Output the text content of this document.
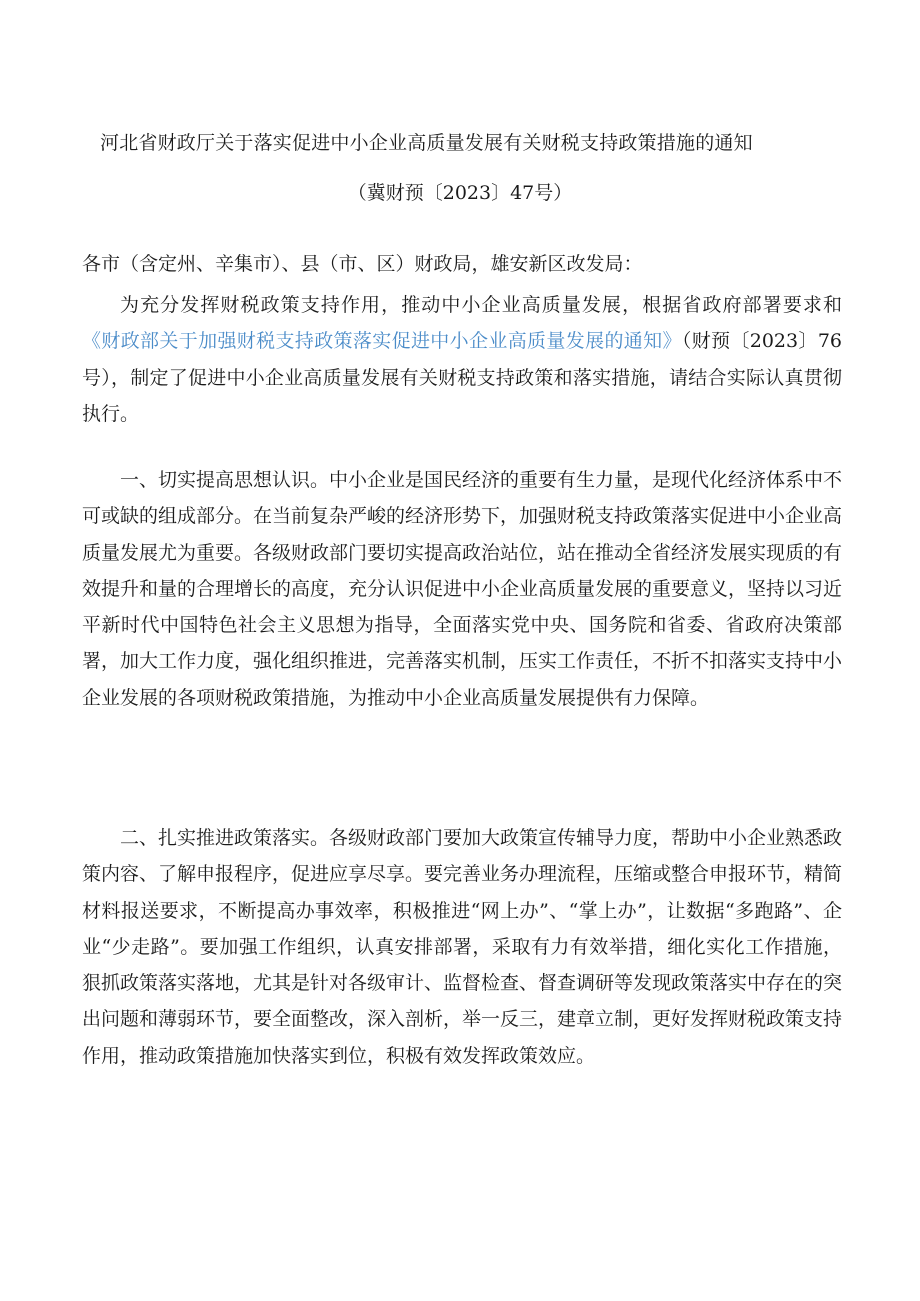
河北省财政厅关于落实促进中小企业高质量发展有关财税支持政策措施的通知
（冀财预〔2023〕47号）
各市（含定州、辛集市）、县（市、区）财政局，雄安新区改发局：

为充分发挥财税政策支持作用，推动中小企业高质量发展，根据省政府部署要求和《财政部关于加强财税支持政策落实促进中小企业高质量发展的通知》（财预〔2023〕76号），制定了促进中小企业高质量发展有关财税支持政策和落实措施，请结合实际认真贯彻执行。

一、切实提高思想认识。中小企业是国民经济的重要有生力量，是现代化经济体系中不可或缺的组成部分。在当前复杂严峻的经济形势下，加强财税支持政策落实促进中小企业高质量发展尤为重要。各级财政部门要切实提高政治站位，站在推动全省经济发展实现质的有效提升和量的合理增长的高度，充分认识促进中小企业高质量发展的重要意义，坚持以习近平新时代中国特色社会主义思想为指导，全面落实党中央、国务院和省委、省政府决策部署，加大工作力度，强化组织推进，完善落实机制，压实工作责任，不折不扣落实支持中小企业发展的各项财税政策措施，为推动中小企业高质量发展提供有力保障。

二、扎实推进政策落实。各级财政部门要加大政策宣传辅导力度，帮助中小企业熟悉政策内容、了解申报程序，促进应享尽享。要完善业务办理流程，压缩或整合申报环节，精简材料报送要求，不断提高办事效率，积极推进“网上办”、“掌上办”，让数据“多跑路”、企业“少走路”。要加强工作组织，认真安排部署，采取有力有效举措，细化实化工作措施，狠抓政策落实落地，尤其是针对各级审计、监督检查、督查调研等发现政策落实中存在的突出问题和薄弱环节，要全面整改，深入剖析，举一反三，建章立制，更好发挥财税政策支持作用，推动政策措施加快落实到位，积极有效发挥政策效应。
